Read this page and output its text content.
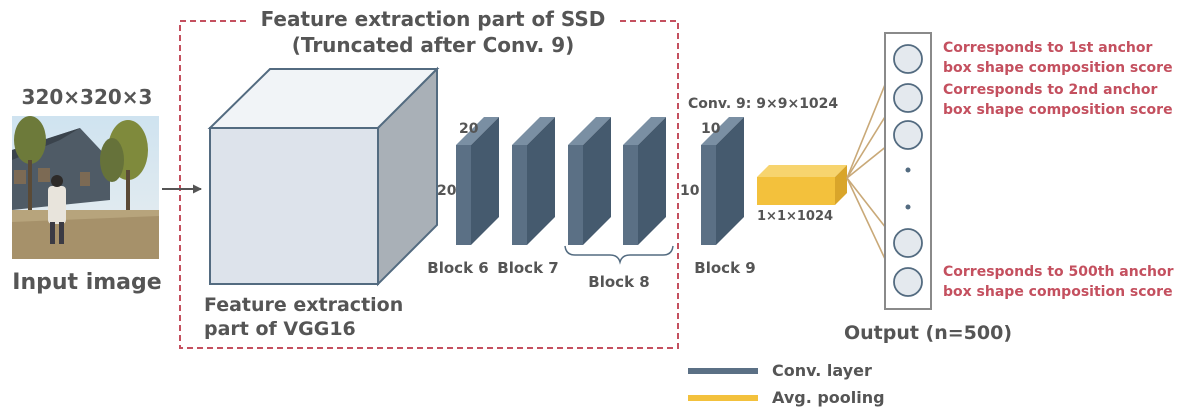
Feature extraction part of SSD
(Truncated after Conv. 9)
320×320×3
Input image
Feature extraction
part of VGG16
20
20
Block 6 Block 7
Block 8
Block 9
Conv. 9: 9×9×1024
10
10
1×1×1024
Output (n=500)
Corresponds to 1st anchor
box shape composition score
Corresponds to 2nd anchor
box shape composition score
Corresponds to 500th anchor
box shape composition score
Conv. layer
Avg. pooling
